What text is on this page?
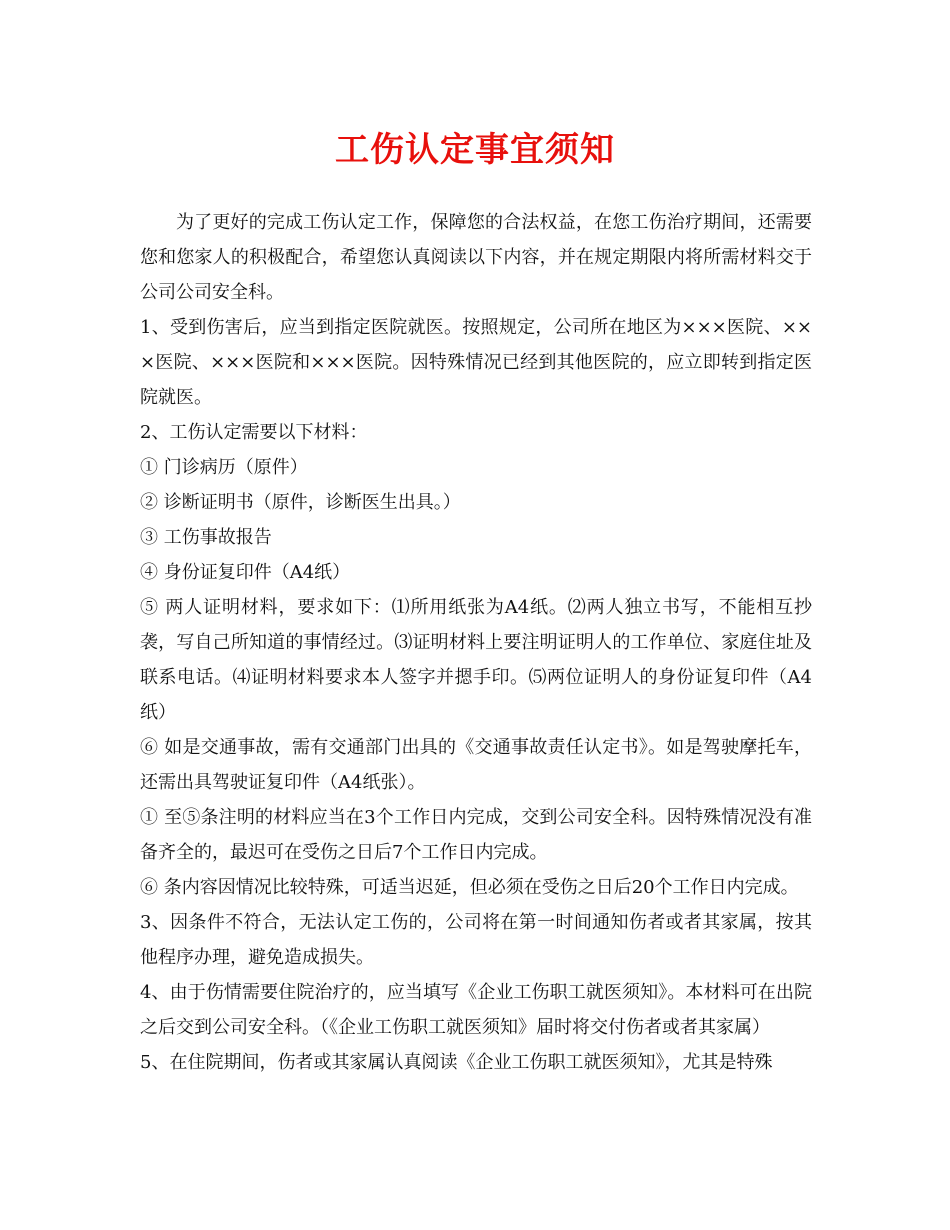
工伤认定事宜须知

为了更好的完成工伤认定工作，保障您的合法权益，在您工伤治疗期间，还需要您和您家人的积极配合，希望您认真阅读以下内容，并在规定期限内将所需材料交于公司公司安全科。

1、受到伤害后，应当到指定医院就医。按照规定，公司所在地区为×××医院、×××医院、×××医院和×××医院。因特殊情况已经到其他医院的，应立即转到指定医院就医。

2、工伤认定需要以下材料：

① 门诊病历（原件）

② 诊断证明书（原件，诊断医生出具。）

③ 工伤事故报告

④ 身份证复印件（A4纸）

⑤ 两人证明材料，要求如下：⑴所用纸张为A4纸。⑵两人独立书写，不能相互抄袭，写自己所知道的事情经过。⑶证明材料上要注明证明人的工作单位、家庭住址及联系电话。⑷证明材料要求本人签字并摁手印。⑸两位证明人的身份证复印件（A4纸）

⑥ 如是交通事故，需有交通部门出具的《交通事故责任认定书》。如是驾驶摩托车，还需出具驾驶证复印件（A4纸张）。

① 至⑤条注明的材料应当在3个工作日内完成，交到公司安全科。因特殊情况没有准备齐全的，最迟可在受伤之日后7个工作日内完成。

⑥ 条内容因情况比较特殊，可适当迟延，但必须在受伤之日后20个工作日内完成。

3、因条件不符合，无法认定工伤的，公司将在第一时间通知伤者或者其家属，按其他程序办理，避免造成损失。

4、由于伤情需要住院治疗的，应当填写《企业工伤职工就医须知》。本材料可在出院之后交到公司安全科。（《企业工伤职工就医须知》届时将交付伤者或者其家属）

5、在住院期间，伤者或其家属认真阅读《企业工伤职工就医须知》，尤其是特殊
